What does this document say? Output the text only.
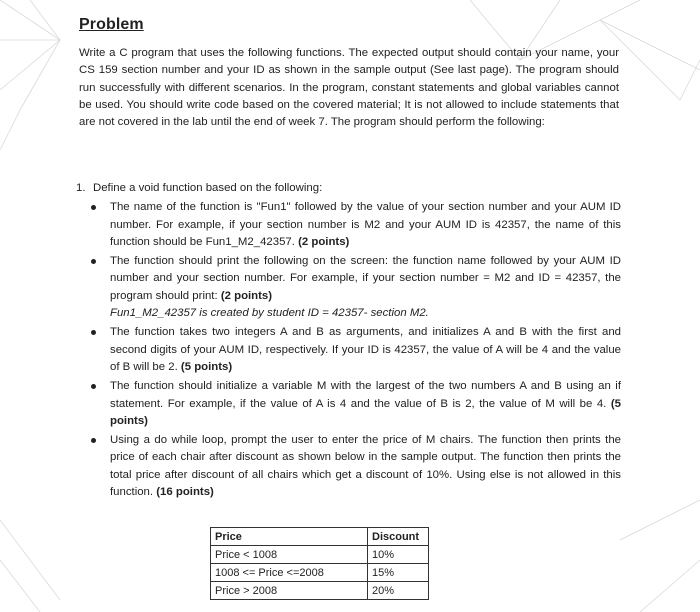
Problem

Write a C program that uses the following functions. The expected output should contain your name, your CS 159 section number and your ID as shown in the sample output (See last page). The program should run successfully with different scenarios. In the program, constant statements and global variables cannot be used. You should write code based on the covered material; It is not allowed to include statements that are not covered in the lab until the end of week 7. The program should perform the following:

1. Define a void function based on the following:
The name of the function is "Fun1" followed by the value of your section number and your AUM ID number. For example, if your section number is M2 and your AUM ID is 42357, the name of this function should be Fun1_M2_42357. (2 points)
The function should print the following on the screen: the function name followed by your AUM ID number and your section number. For example, if your section number = M2 and ID = 42357, the program should print: (2 points)
Fun1_M2_42357 is created by student ID = 42357- section M2.
The function takes two integers A and B as arguments, and initializes A and B with the first and second digits of your AUM ID, respectively. If your ID is 42357, the value of A will be 4 and the value of B will be 2. (5 points)
The function should initialize a variable M with the largest of the two numbers A and B using an if statement. For example, if the value of A is 4 and the value of B is 2, the value of M will be 4. (5 points)
Using a do while loop, prompt the user to enter the price of M chairs. The function then prints the price of each chair after discount as shown below in the sample output. The function then prints the total price after discount of all chairs which get a discount of 10%. Using else is not allowed in this function. (16 points)
Price	Discount
Price < 1008	10%
1008 <= Price <=2008	15%
Price > 2008	20%
